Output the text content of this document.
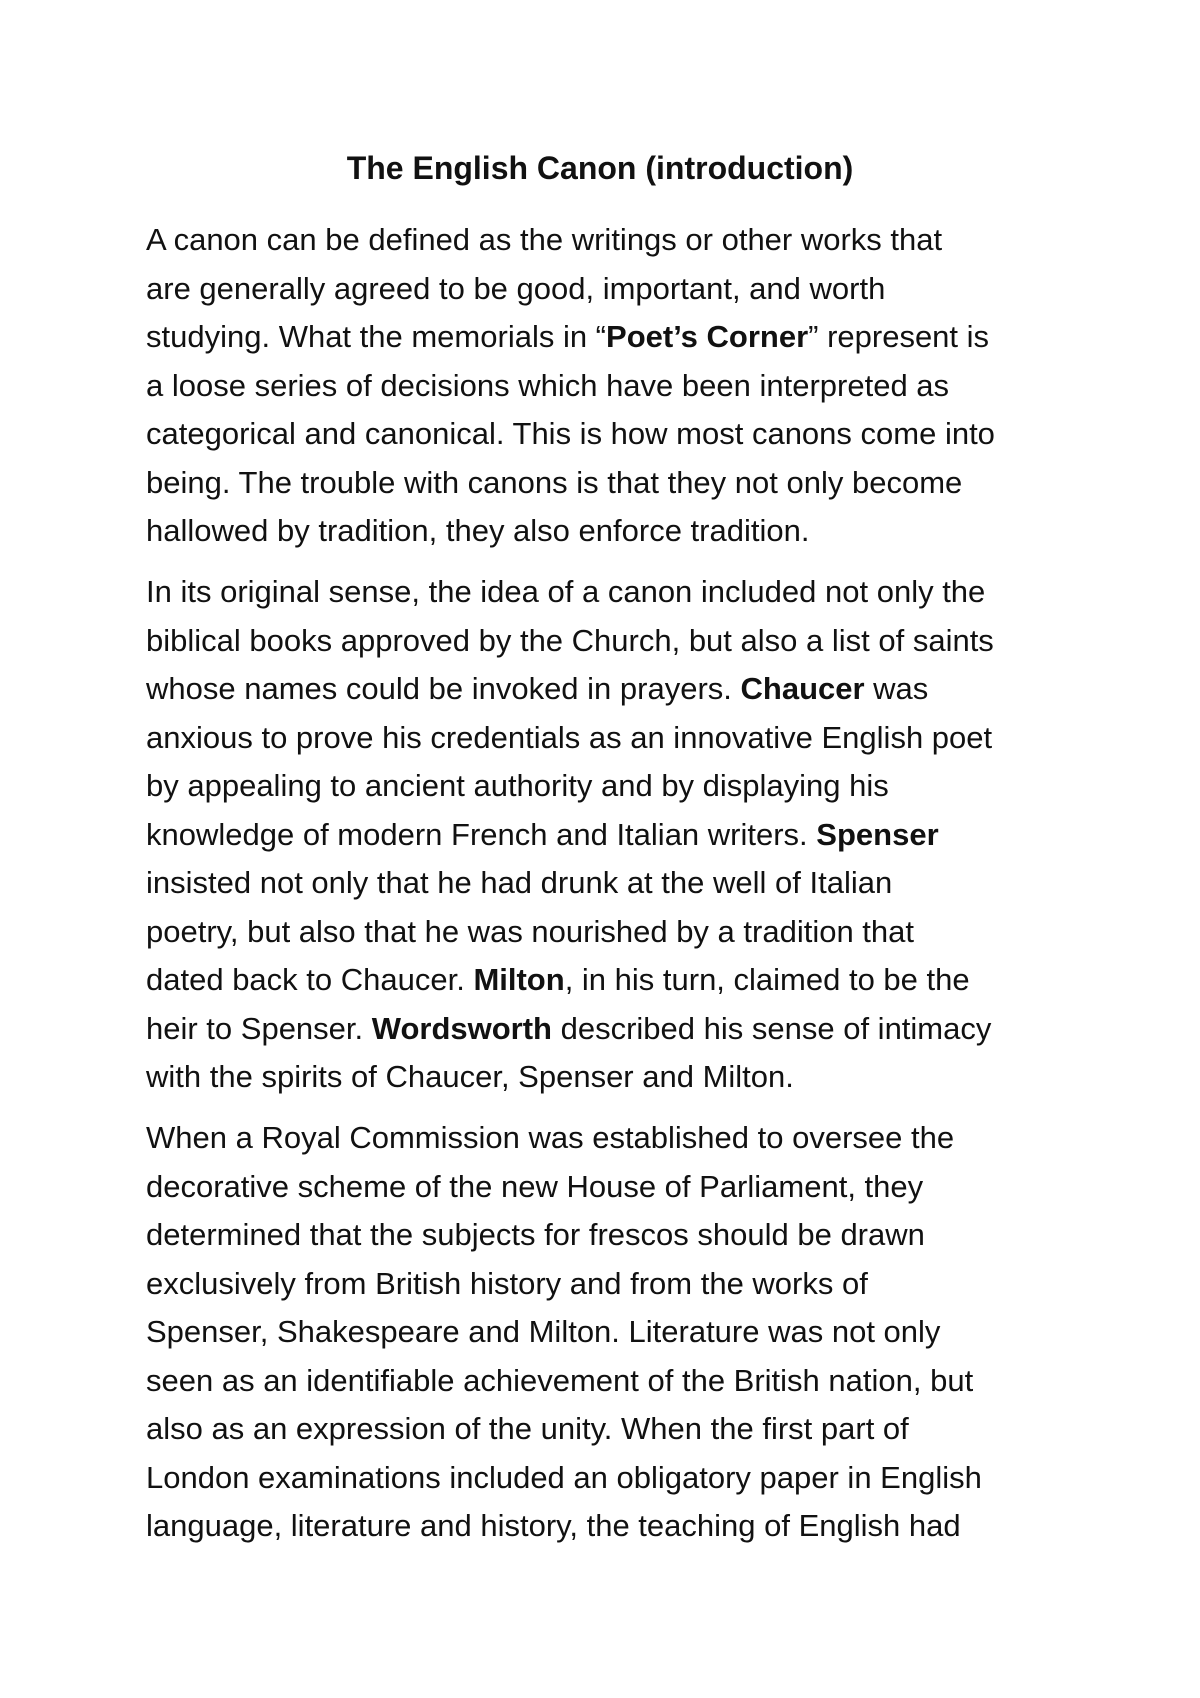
The English Canon (introduction)
A canon can be defined as the writings or other works that
are generally agreed to be good, important, and worth
studying. What the memorials in “Poet’s Corner” represent is
a loose series of decisions which have been interpreted as
categorical and canonical. This is how most canons come into
being. The trouble with canons is that they not only become
hallowed by tradition, they also enforce tradition.
In its original sense, the idea of a canon included not only the
biblical books approved by the Church, but also a list of saints
whose names could be invoked in prayers. Chaucer was
anxious to prove his credentials as an innovative English poet
by appealing to ancient authority and by displaying his
knowledge of modern French and Italian writers. Spenser
insisted not only that he had drunk at the well of Italian
poetry, but also that he was nourished by a tradition that
dated back to Chaucer. Milton, in his turn, claimed to be the
heir to Spenser. Wordsworth described his sense of intimacy
with the spirits of Chaucer, Spenser and Milton.
When a Royal Commission was established to oversee the
decorative scheme of the new House of Parliament, they
determined that the subjects for frescos should be drawn
exclusively from British history and from the works of
Spenser, Shakespeare and Milton. Literature was not only
seen as an identifiable achievement of the British nation, but
also as an expression of the unity. When the first part of
London examinations included an obligatory paper in English
language, literature and history, the teaching of English had
